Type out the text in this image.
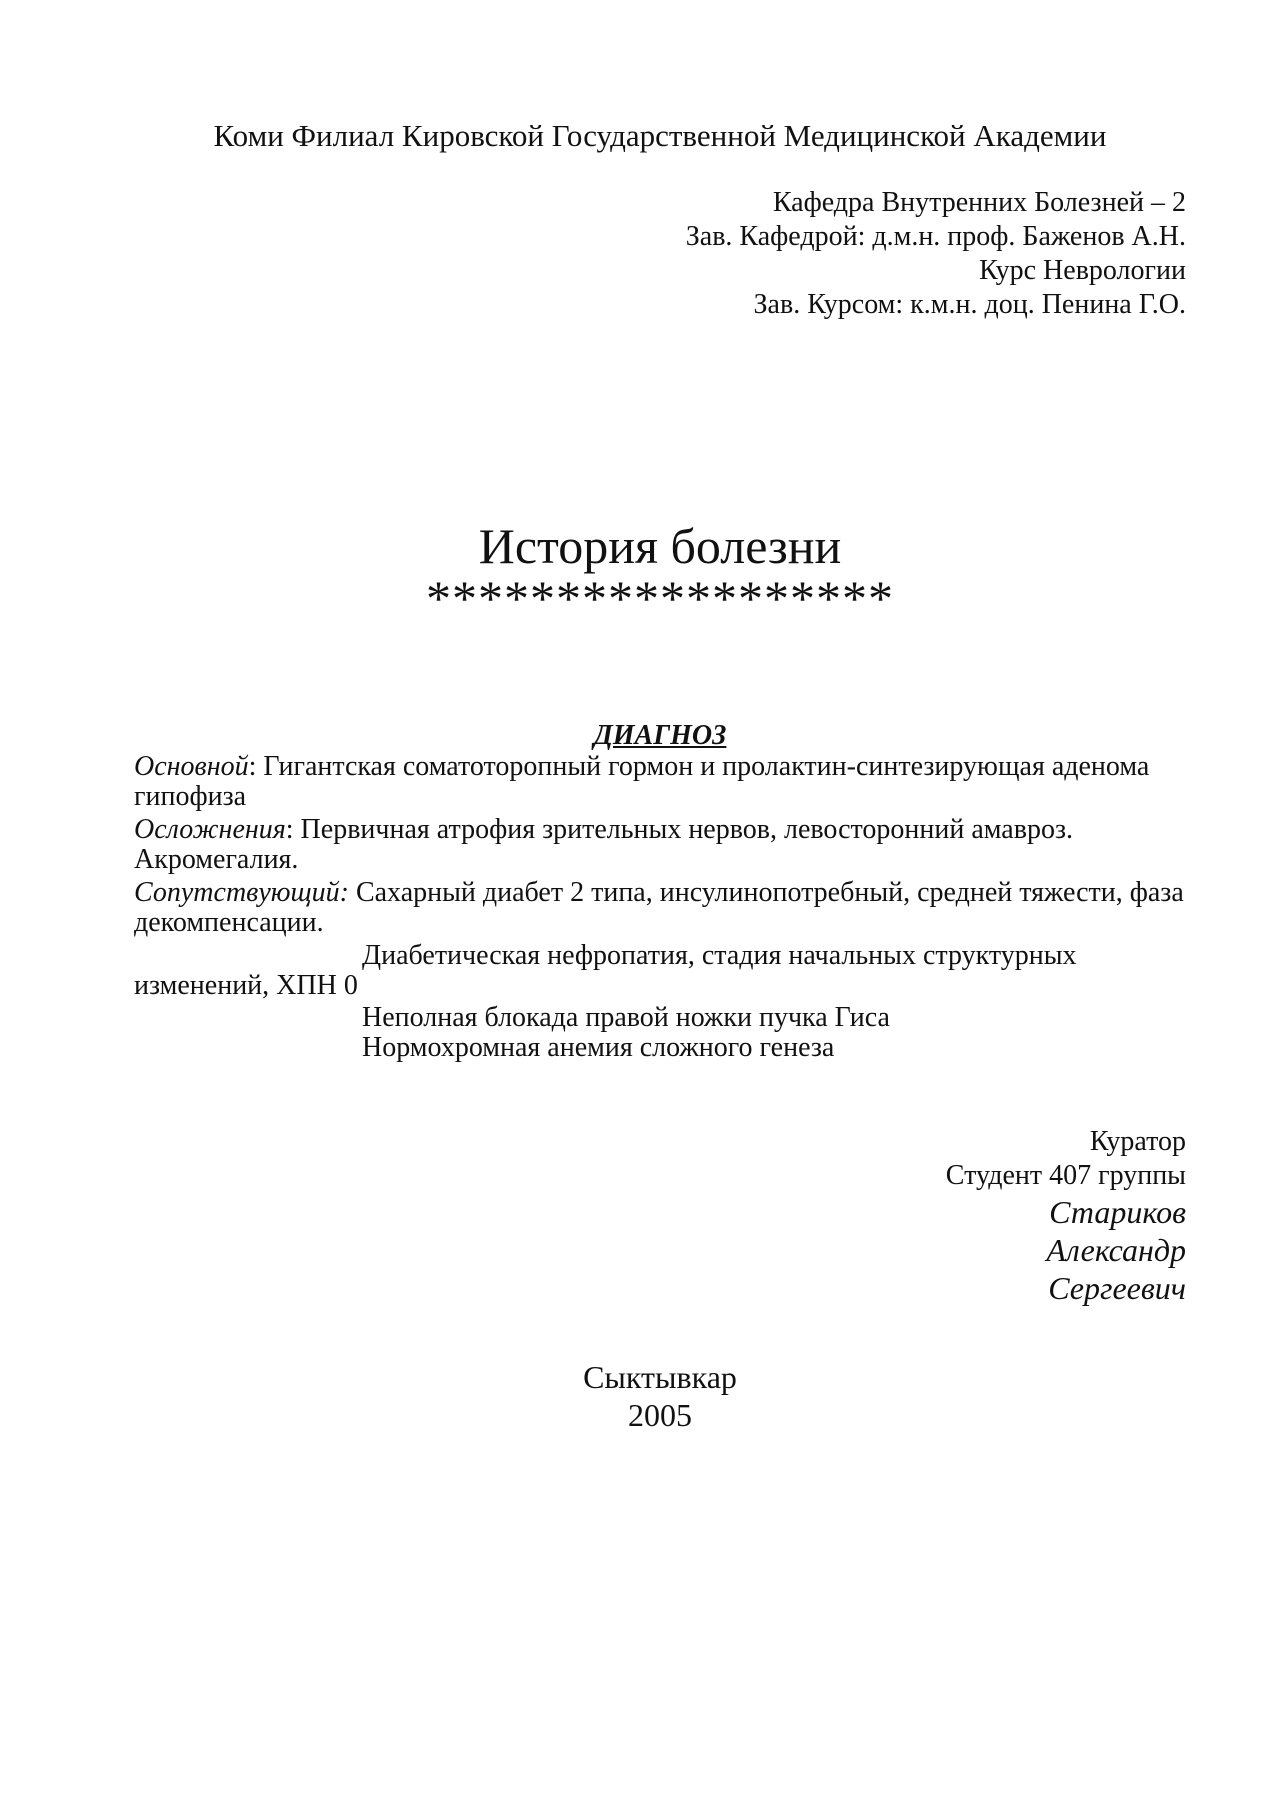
Коми Филиал Кировской Государственной Медицинской Академии
Кафедра Внутренних Болезней – 2
Зав. Кафедрой: д.м.н. проф. Баженов А.Н.
Курс Неврологии
Зав. Курсом: к.м.н. доц. Пенина Г.О.
История болезни
******************
ДИАГНОЗ
Основной: Гигантская соматоторопный гормон и пролактин-синтезирующая аденома гипофиза
Осложнения: Первичная атрофия зрительных нервов, левосторонний амавроз. Акромегалия.
Сопутствующий: Сахарный диабет 2 типа, инсулинопотребный, средней тяжести, фаза декомпенсации.
Диабетическая нефропатия, стадия начальных структурных
изменений, ХПН 0
Неполная блокада правой ножки пучка Гиса
Нормохромная анемия сложного генеза
Куратор
Студент 407 группы
Стариков
Александр
Сергеевич
Сыктывкар
2005
